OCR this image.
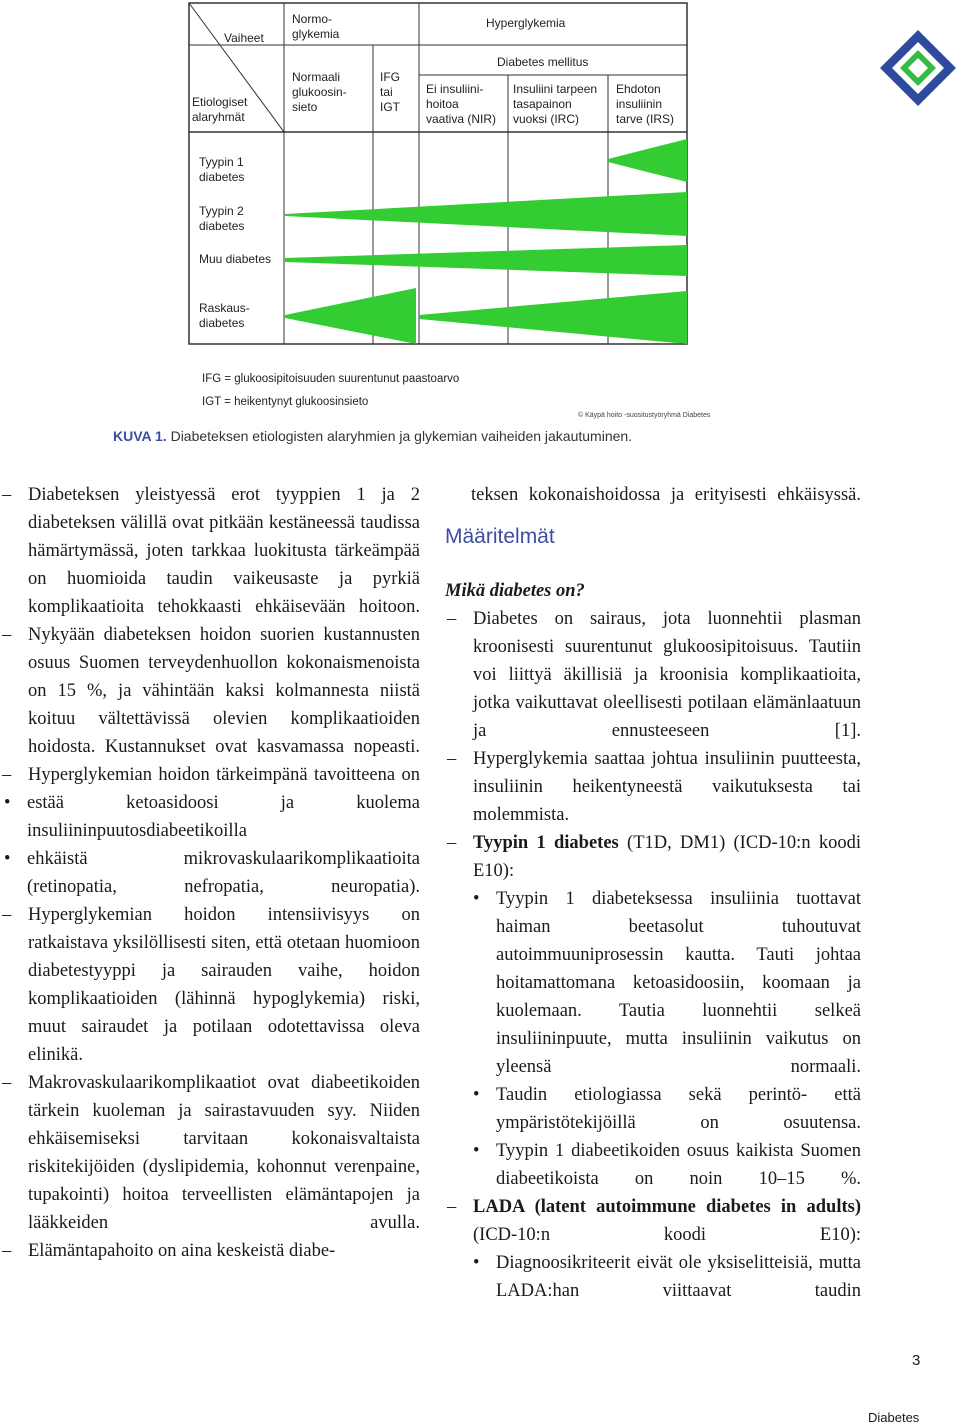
Vaiheet
Etiologiset
alaryhmät
Normo-
glykemia
Hyperglykemia
Diabetes mellitus
Normaali
glukoosin-
sieto
IFG
tai
IGT
Ei insuliini-
hoitoa
vaativa (NIR)
Insuliini tarpeen
tasapainon
vuoksi (IRC)
Ehdoton
insuliinin
tarve (IRS)
Tyypin 1
diabetes
Tyypin 2
diabetes
Muu diabetes
Raskaus-
diabetes
IFG = glukoosipitoisuuden suurentunut paastoarvo
IGT = heikentynyt glukoosinsieto
© Käypä hoito -suositustyöryhmä Diabetes
KUVA 1. Diabeteksen etiologisten alaryhmien ja glykemian vaiheiden jakautuminen.

– Diabeteksen yleistyessä erot tyyppien 1 ja 2 diabeteksen välillä ovat pitkään kestäneessä taudissa hämärtymässä, joten tarkkaa luokitusta tärkeämpää on huomioida taudin vaikeusaste ja pyrkiä komplikaatioita tehokkaasti ehkäisevään hoitoon.

– Nykyään diabeteksen hoidon suorien kustannusten osuus Suomen terveydenhuollon kokonaismenoista on 15 %, ja vähintään kaksi kolmannesta niistä koituu vältettävissä olevien komplikaatioiden hoidosta. Kustannukset ovat kasvamassa nopeasti.

– Hyperglykemian hoidon tärkeimpänä tavoitteena on

• estää ketoasidoosi ja kuolema insuliininpuutosdiabeetikoilla

• ehkäistä mikrovaskulaarikomplikaatioita (retinopatia, nefropatia, neuropatia).

– Hyperglykemian hoidon intensiivisyys on ratkaistava yksilöllisesti siten, että otetaan huomioon diabetestyyppi ja sairauden vaihe, hoidon komplikaatioiden (lähinnä hypoglykemia) riski, muut sairaudet ja potilaan odotettavissa oleva elinikä.

– Makrovaskulaarikomplikaatiot ovat diabeetikoiden tärkein kuoleman ja sairastavuuden syy. Niiden ehkäisemiseksi tarvitaan kokonaisvaltaista riskitekijöiden (dyslipidemia, kohonnut verenpaine, tupakointi) hoitoa terveellisten elämäntapojen ja lääkkeiden avulla.

– Elämäntapahoito on aina keskeistä diabe-

teksen kokonaishoidossa ja erityisesti ehkäisyssä.

Määritelmät

Mikä diabetes on?

– Diabetes on sairaus, jota luonnehtii plasman kroonisesti suurentunut glukoosipitoisuus. Tautiin voi liittyä äkillisiä ja kroonisia komplikaatioita, jotka vaikuttavat oleellisesti potilaan elämänlaatuun ja ennusteeseen [1].

– Hyperglykemia saattaa johtua insuliinin puutteesta, insuliinin heikentyneestä vaikutuksesta tai molemmista.

– Tyypin 1 diabetes (T1D, DM1) (ICD-10:n koodi E10):

• Tyypin 1 diabeteksessa insuliinia tuottavat haiman beetasolut tuhoutuvat autoimmuuniprosessin kautta. Tauti johtaa hoitamattomana ketoasidoosiin, koomaan ja kuolemaan. Tautia luonnehtii selkeä insuliininpuute, mutta insuliinin vaikutus on yleensä normaali.

• Taudin etiologiassa sekä perintö- että ympäristötekijöillä on osuutensa.

• Tyypin 1 diabeetikoiden osuus kaikista Suomen diabeetikoista on noin 10–15 %.

– LADA (latent autoimmune diabetes in adults) (ICD-10:n koodi E10):

• Diagnoosikriteerit eivät ole yksiselitteisiä, mutta LADA:han viittaavat taudin

3
Diabetes
